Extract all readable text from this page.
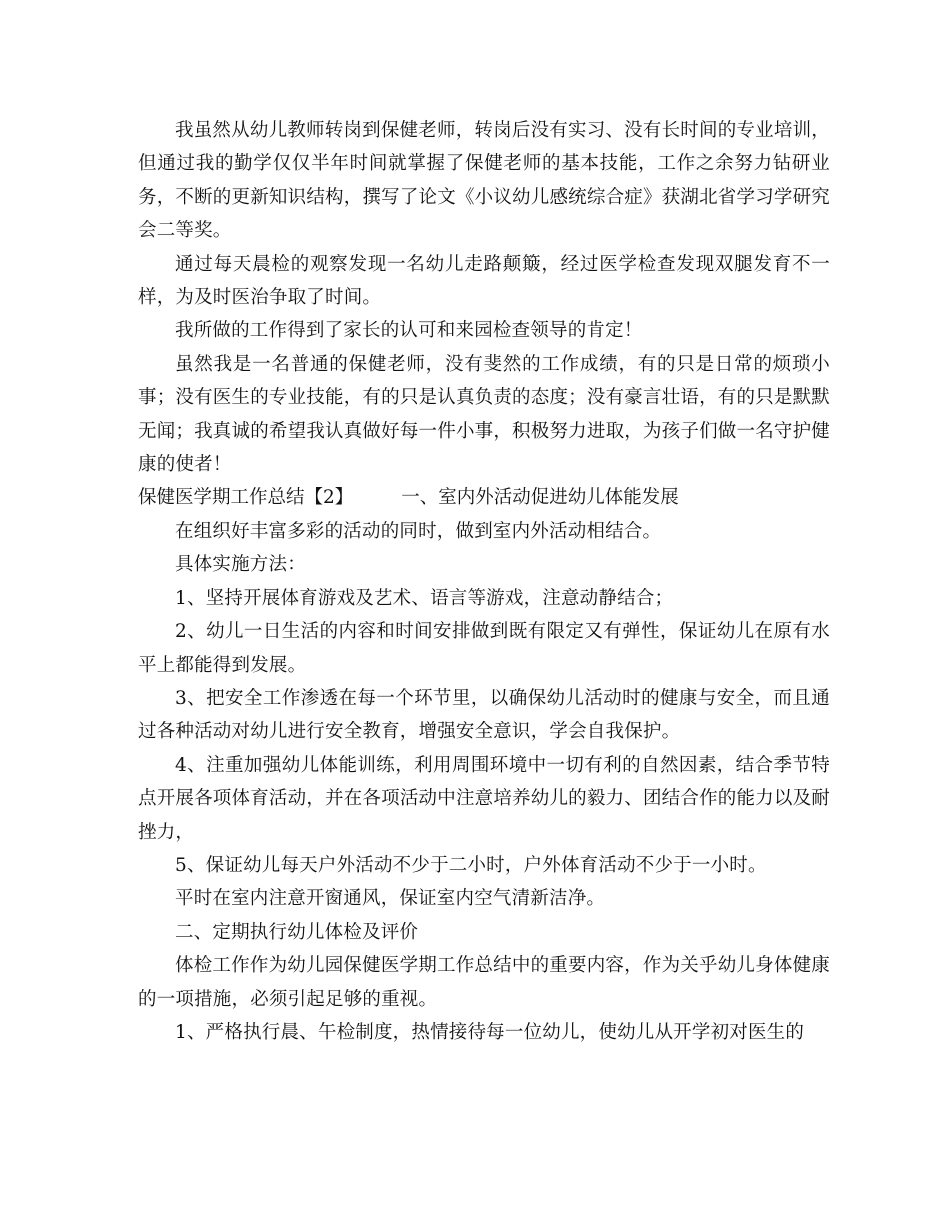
我虽然从幼儿教师转岗到保健老师，转岗后没有实习、没有长时间的专业培训，但通过我的勤学仅仅半年时间就掌握了保健老师的基本技能，工作之余努力钻研业务，不断的更新知识结构，撰写了论文《小议幼儿感统综合症》获湖北省学习学研究会二等奖。

通过每天晨检的观察发现一名幼儿走路颠簸，经过医学检查发现双腿发育不一样，为及时医治争取了时间。

我所做的工作得到了家长的认可和来园检查领导的肯定！

虽然我是一名普通的保健老师，没有斐然的工作成绩，有的只是日常的烦琐小事；没有医生的专业技能，有的只是认真负责的态度；没有豪言壮语，有的只是默默无闻；我真诚的希望我认真做好每一件小事，积极努力进取，为孩子们做一名守护健康的使者！

保健医学期工作总结【2】	一、室内外活动促进幼儿体能发展

在组织好丰富多彩的活动的同时，做到室内外活动相结合。

具体实施方法：

1、坚持开展体育游戏及艺术、语言等游戏，注意动静结合；

2、幼儿一日生活的内容和时间安排做到既有限定又有弹性，保证幼儿在原有水平上都能得到发展。

3、把安全工作渗透在每一个环节里，以确保幼儿活动时的健康与安全，而且通过各种活动对幼儿进行安全教育，增强安全意识，学会自我保护。

4、注重加强幼儿体能训练，利用周围环境中一切有利的自然因素，结合季节特点开展各项体育活动，并在各项活动中注意培养幼儿的毅力、团结合作的能力以及耐挫力，

5、保证幼儿每天户外活动不少于二小时，户外体育活动不少于一小时。

平时在室内注意开窗通风，保证室内空气清新洁净。

二、定期执行幼儿体检及评价

体检工作作为幼儿园保健医学期工作总结中的重要内容，作为关乎幼儿身体健康的一项措施，必须引起足够的重视。

1、严格执行晨、午检制度，热情接待每一位幼儿，使幼儿从开学初对医生的
